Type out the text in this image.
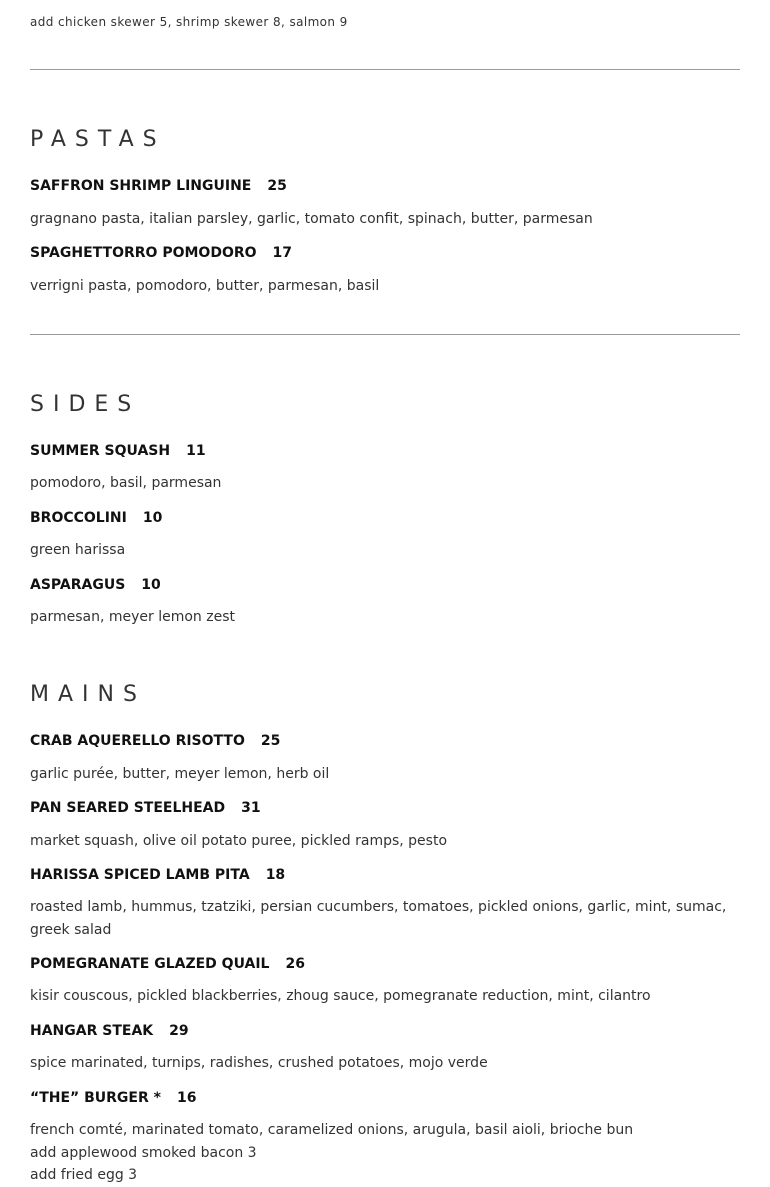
add chicken skewer 5, shrimp skewer 8, salmon 9
PASTAS
SAFFRON SHRIMP LINGUINE 25
gragnano pasta, italian parsley, garlic, tomato confit, spinach, butter, parmesan
SPAGHETTORRO POMODORO 17
verrigni pasta, pomodoro, butter, parmesan, basil
SIDES
SUMMER SQUASH 11
pomodoro, basil, parmesan
BROCCOLINI 10
green harissa
ASPARAGUS 10
parmesan, meyer lemon zest
MAINS
CRAB AQUERELLO RISOTTO 25
garlic purée, butter, meyer lemon, herb oil
PAN SEARED STEELHEAD 31
market squash, olive oil potato puree, pickled ramps, pesto
HARISSA SPICED LAMB PITA 18
roasted lamb, hummus, tzatziki, persian cucumbers, tomatoes, pickled onions, garlic, mint, sumac,
greek salad
POMEGRANATE GLAZED QUAIL 26
kisir couscous, pickled blackberries, zhoug sauce, pomegranate reduction, mint, cilantro
HANGAR STEAK 29
spice marinated, turnips, radishes, crushed potatoes, mojo verde
“THE” BURGER * 16
french comté, marinated tomato, caramelized onions, arugula, basil aioli, brioche bun
add applewood smoked bacon 3
add fried egg 3
